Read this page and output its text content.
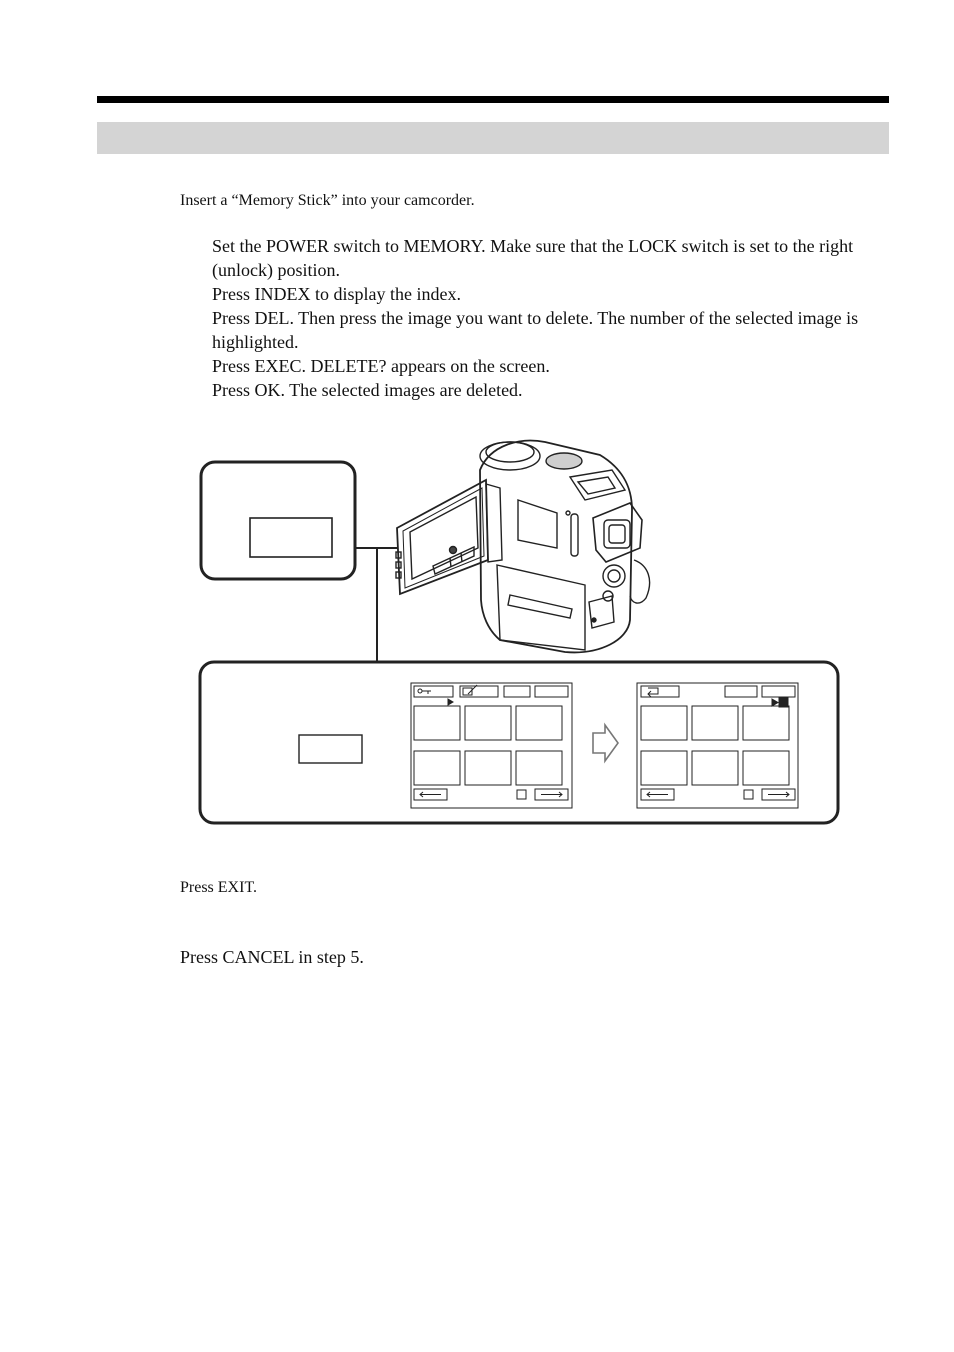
Insert a “Memory Stick” into your camcorder.

Set the POWER switch to MEMORY. Make sure that the LOCK switch is set to the right (unlock) position.
Press INDEX to display the index.
Press DEL. Then press the image you want to delete. The number of the selected image is highlighted.
Press EXEC. DELETE? appears on the screen.
Press OK. The selected images are deleted.

Press EXIT.

Press CANCEL in step 5.
